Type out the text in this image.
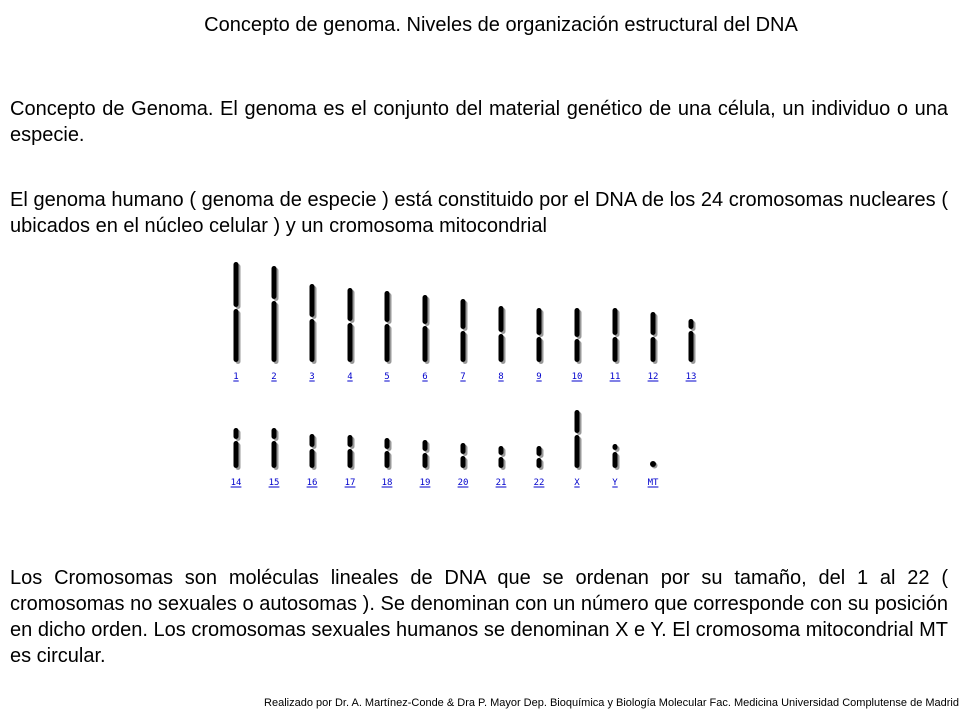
Concepto de genoma. Niveles de organización estructural del DNA

Concepto de Genoma. El genoma es el conjunto del material genético de una célula, un individuo o una especie.

El genoma humano ( genoma de especie ) está constituido por el DNA de los 24 cromosomas nucleares ( ubicados en el núcleo celular ) y un cromosoma mitocondrial

1	2	3	4	5	6	7	8	9	10	11	12	13
14	15	16	17	18	19	20	21	22	X	Y	MT

Los Cromosomas son moléculas lineales de DNA que se ordenan por su tamaño, del 1 al 22 ( cromosomas no sexuales o autosomas ). Se denominan con un número que corresponde con su posición en dicho orden. Los cromosomas sexuales humanos se denominan X e Y. El cromosoma mitocondrial MT es circular.

Realizado por Dr. A. Martínez-Conde & Dra P. Mayor Dep. Bioquímica y Biología Molecular Fac. Medicina Universidad Complutense de Madrid
